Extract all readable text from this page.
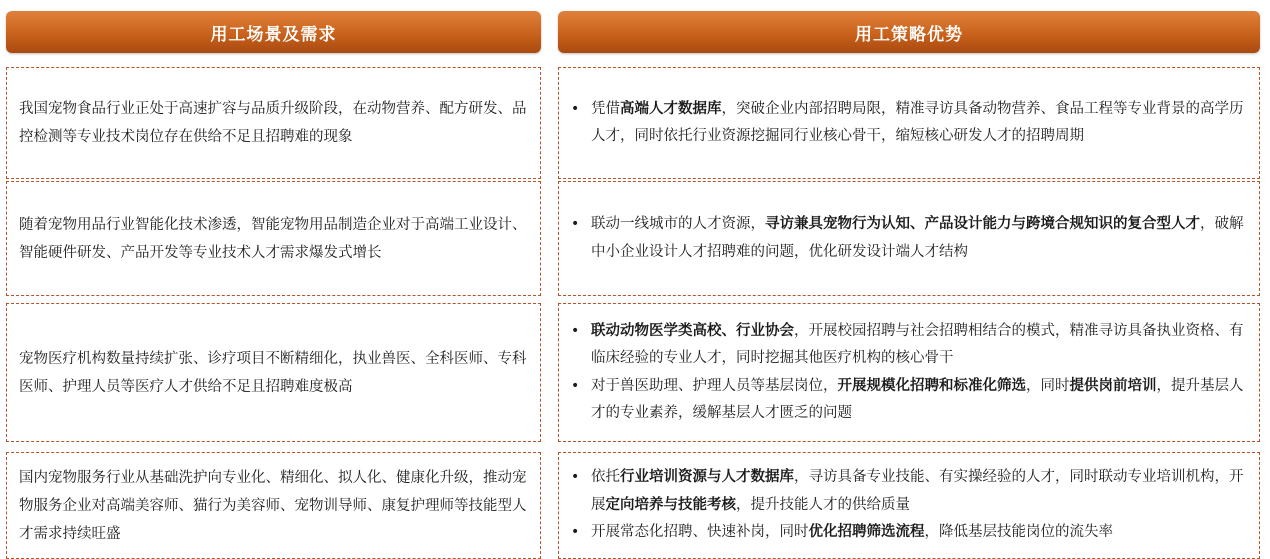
用工场景及需求
我国宠物食品行业正处于高速扩容与品质升级阶段，在动物营养、配方研发、品控检测等专业技术岗位存在供给不足且招聘难的现象
随着宠物用品行业智能化技术渗透，智能宠物用品制造企业对于高端工业设计、智能硬件研发、产品开发等专业技术人才需求爆发式增长
宠物医疗机构数量持续扩张、诊疗项目不断精细化，执业兽医、全科医师、专科医师、护理人员等医疗人才供给不足且招聘难度极高
国内宠物服务行业从基础洗护向专业化、精细化、拟人化、健康化升级，推动宠物服务企业对高端美容师、猫行为美容师、宠物训导师、康复护理师等技能型人才需求持续旺盛
用工策略优势
• 凭借高端人才数据库，突破企业内部招聘局限，精准寻访具备动物营养、食品工程等专业背景的高学历人才，同时依托行业资源挖掘同行业核心骨干，缩短核心研发人才的招聘周期
• 联动一线城市的人才资源，寻访兼具宠物行为认知、产品设计能力与跨境合规知识的复合型人才，破解中小企业设计人才招聘难的问题，优化研发设计端人才结构
• 联动动物医学类高校、行业协会，开展校园招聘与社会招聘相结合的模式，精准寻访具备执业资格、有临床经验的专业人才，同时挖掘其他医疗机构的核心骨干
• 对于兽医助理、护理人员等基层岗位，开展规模化招聘和标准化筛选，同时提供岗前培训，提升基层人才的专业素养，缓解基层人才匮乏的问题
• 依托行业培训资源与人才数据库，寻访具备专业技能、有实操经验的人才，同时联动专业培训机构，开展定向培养与技能考核，提升技能人才的供给质量
• 开展常态化招聘、快速补岗，同时优化招聘筛选流程，降低基层技能岗位的流失率
